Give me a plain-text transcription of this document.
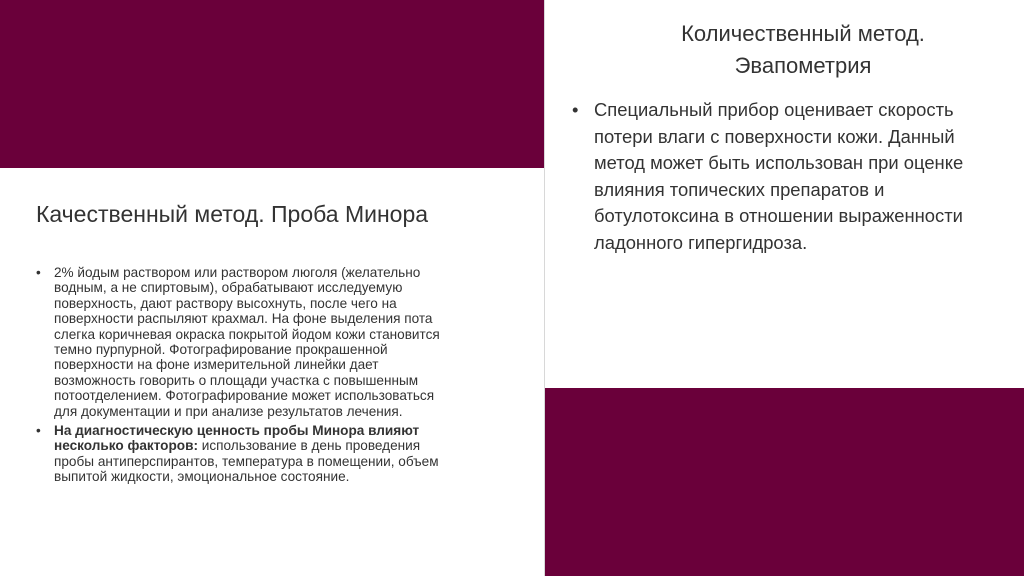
Качественный метод. Проба Минора
• 2% йодым раствором или раствором люголя (желательно
водным, а не спиртовым), обрабатывают исследуемую
поверхность, дают раствору высохнуть, после чего на
поверхности распыляют крахмал. На фоне выделения пота
слегка коричневая окраска покрытой йодом кожи становится
темно пурпурной. Фотографирование прокрашенной
поверхности на фоне измерительной линейки дает
возможность говорить о площади участка с повышенным
потоотделением. Фотографирование может использоваться
для документации и при анализе результатов лечения.
• На диагностическую ценность пробы Минора влияют
несколько факторов: использование в день проведения
пробы антиперспирантов, температура в помещении, объем
выпитой жидкости, эмоциональное состояние.
Количественный метод.
Эвапометрия
• Специальный прибор оценивает скорость
потери влаги с поверхности кожи. Данный
метод может быть использован при оценке
влияния топических препаратов и
ботулотоксина в отношении выраженности
ладонного гипергидроза.
